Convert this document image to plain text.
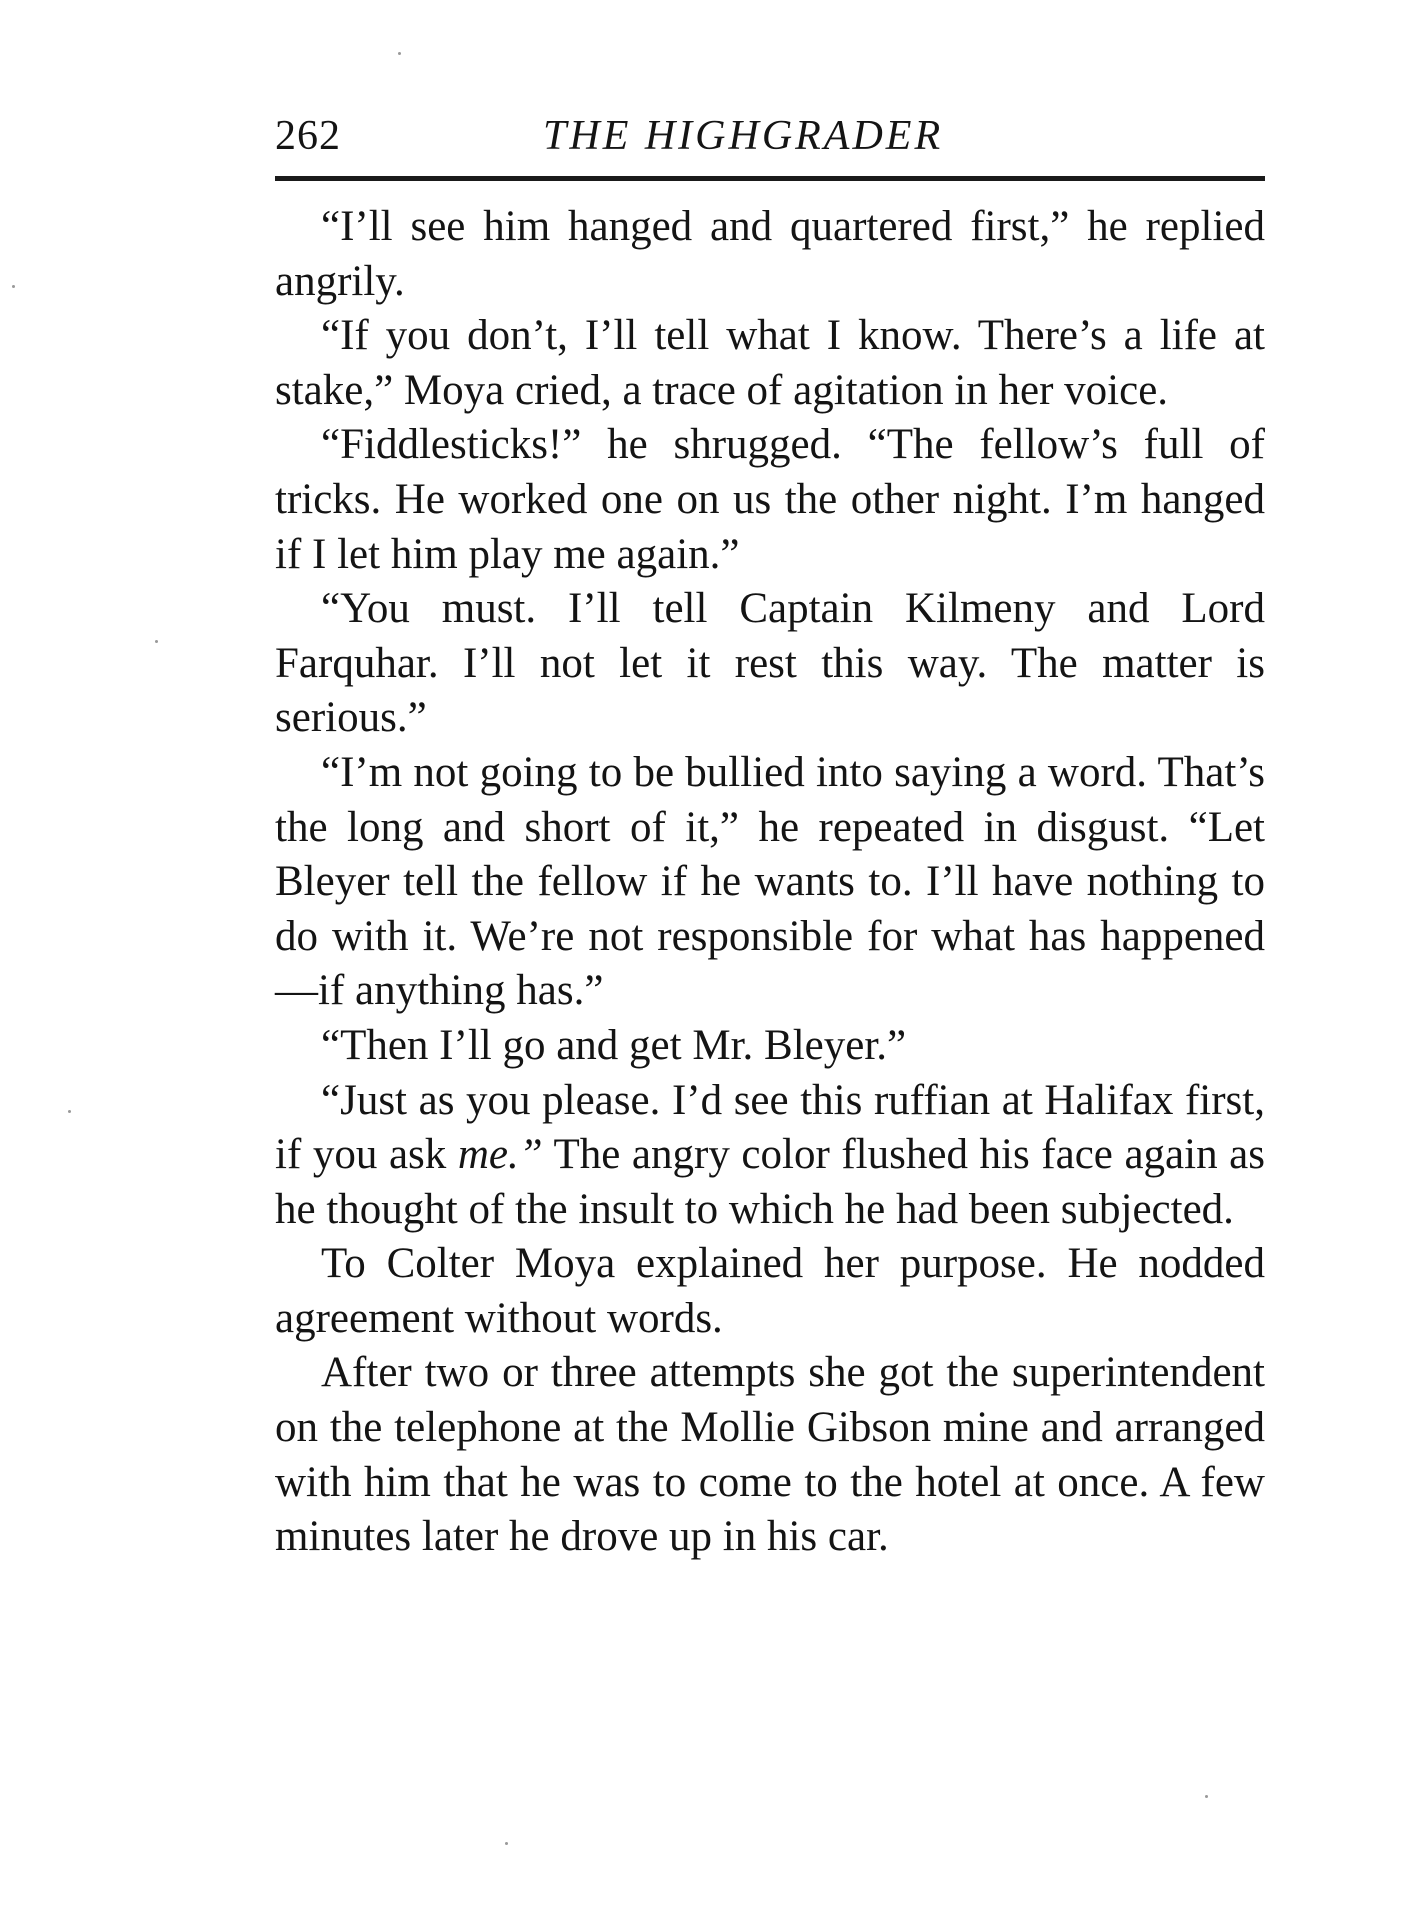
262	THE HIGHGRADER

“I’ll see him hanged and quartered first,” he replied angrily.

“If you don’t, I’ll tell what I know. There’s a life at stake,” Moya cried, a trace of agitation in her voice.

“Fiddlesticks!” he shrugged. “The fellow’s full of tricks. He worked one on us the other night. I’m hanged if I let him play me again.”

“You must. I’ll tell Captain Kilmeny and Lord Farquhar. I’ll not let it rest this way. The matter is serious.”

“I’m not going to be bullied into saying a word. That’s the long and short of it,” he repeated in disgust. “Let Bleyer tell the fellow if he wants to. I’ll have nothing to do with it. We’re not responsible for what has happened—if anything has.”

“Then I’ll go and get Mr. Bleyer.”

“Just as you please. I’d see this ruffian at Halifax first, if you ask me.” The angry color flushed his face again as he thought of the insult to which he had been subjected.

To Colter Moya explained her purpose. He nodded agreement without words.

After two or three attempts she got the superintendent on the telephone at the Mollie Gibson mine and arranged with him that he was to come to the hotel at once. A few minutes later he drove up in his car.
